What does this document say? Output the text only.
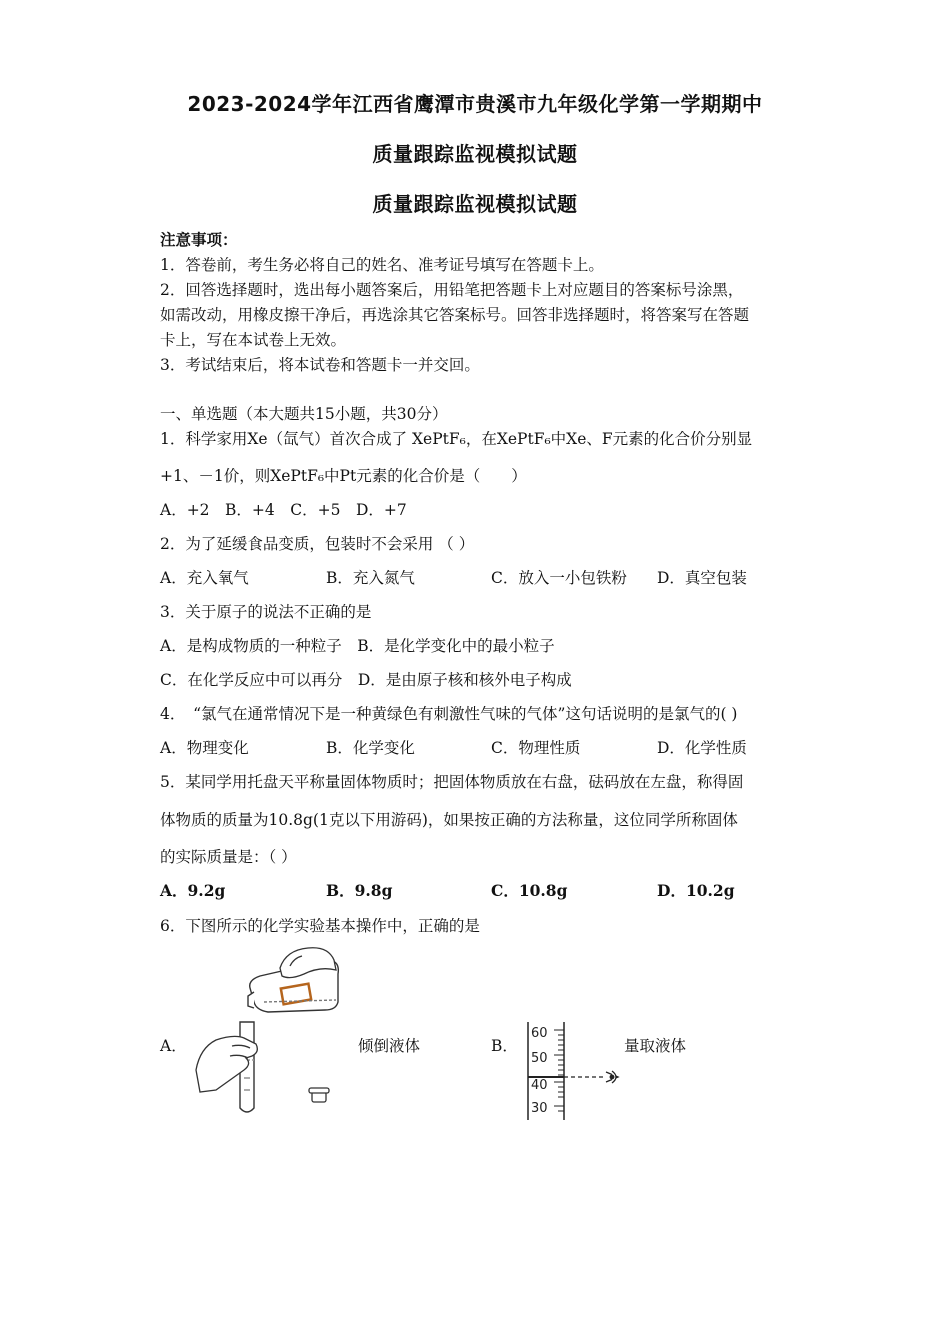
2023-2024学年江西省鹰潭市贵溪市九年级化学第一学期期中
质量跟踪监视模拟试题
质量跟踪监视模拟试题
注意事项：
1．答卷前，考生务必将自己的姓名、准考证号填写在答题卡上。
2．回答选择题时，选出每小题答案后，用铅笔把答题卡上对应题目的答案标号涂黑，
如需改动，用橡皮擦干净后，再选涂其它答案标号。回答非选择题时，将答案写在答题
卡上，写在本试卷上无效。
3．考试结束后，将本试卷和答题卡一并交回。
一、单选题（本大题共15小题，共30分）
1．科学家用Xe（氙气）首次合成了 XePtF₆，在XePtF₆中Xe、F元素的化合价分别显
+1、－1价，则XePtF₆中Pt元素的化合价是（　　）
A．+2　B．+4　C．+5　D．+7
2．为了延缓食品变质，包装时不会采用 （ ）
A．充入氧气	B．充入氮气	C．放入一小包铁粉 D．真空包装
3．关于原子的说法不正确的是
A．是构成物质的一种粒子　B．是化学变化中的最小粒子
C．在化学反应中可以再分　D．是由原子核和核外电子构成
4．　“氯气在通常情况下是一种黄绿色有刺激性气味的气体”这句话说明的是氯气的( )
A．物理变化	B．化学变化	C．物理性质	D．化学性质
5．某同学用托盘天平称量固体物质时；把固体物质放在右盘，砝码放在左盘，称得固
体物质的质量为10.8g(1克以下用游码)，如果按正确的方法称量，这位同学所称固体
的实际质量是：（ ）
A．9.2g	B．9.8g	C．10.8g	D．10.2g
6．下图所示的化学实验基本操作中，正确的是
A．	倾倒液体	B．
60
50
40
30
量取液体
